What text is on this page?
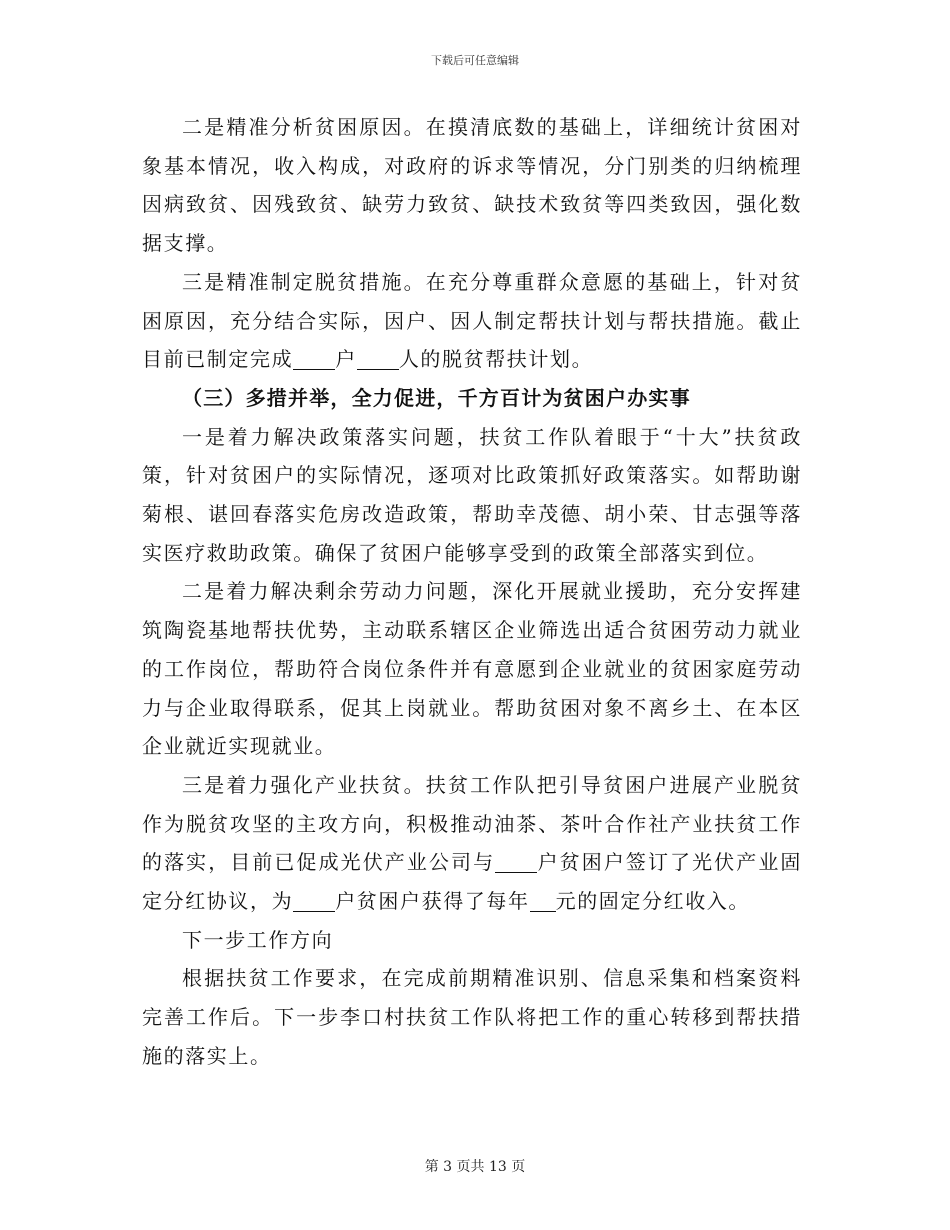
下载后可任意编辑

二是精准分析贫困原因。在摸清底数的基础上，详细统计贫困对象基本情况，收入构成，对政府的诉求等情况，分门别类的归纳梳理因病致贫、因残致贫、缺劳力致贫、缺技术致贫等四类致因，强化数据支撑。

三是精准制定脱贫措施。在充分尊重群众意愿的基础上，针对贫困原因，充分结合实际，因户、因人制定帮扶计划与帮扶措施。截止目前已制定完成 户 人的脱贫帮扶计划。

（三）多措并举，全力促进，千方百计为贫困户办实事

一是着力解决政策落实问题，扶贫工作队着眼于“十大”扶贫政策，针对贫困户的实际情况，逐项对比政策抓好政策落实。如帮助谢菊根、谌回春落实危房改造政策，帮助幸茂德、胡小荣、甘志强等落实医疗救助政策。确保了贫困户能够享受到的政策全部落实到位。

二是着力解决剩余劳动力问题，深化开展就业援助，充分安挥建筑陶瓷基地帮扶优势，主动联系辖区企业筛选出适合贫困劳动力就业的工作岗位，帮助符合岗位条件并有意愿到企业就业的贫困家庭劳动力与企业取得联系，促其上岗就业。帮助贫困对象不离乡土、在本区企业就近实现就业。

三是着力强化产业扶贫。扶贫工作队把引导贫困户进展产业脱贫作为脱贫攻坚的主攻方向，积极推动油茶、茶叶合作社产业扶贫工作的落实，目前已促成光伏产业公司与 户贫困户签订了光伏产业固定分红协议，为 户贫困户获得了每年 元的固定分红收入。

下一步工作方向

根据扶贫工作要求，在完成前期精准识别、信息采集和档案资料完善工作后。下一步李口村扶贫工作队将把工作的重心转移到帮扶措施的落实上。

第 3 页共 13 页
